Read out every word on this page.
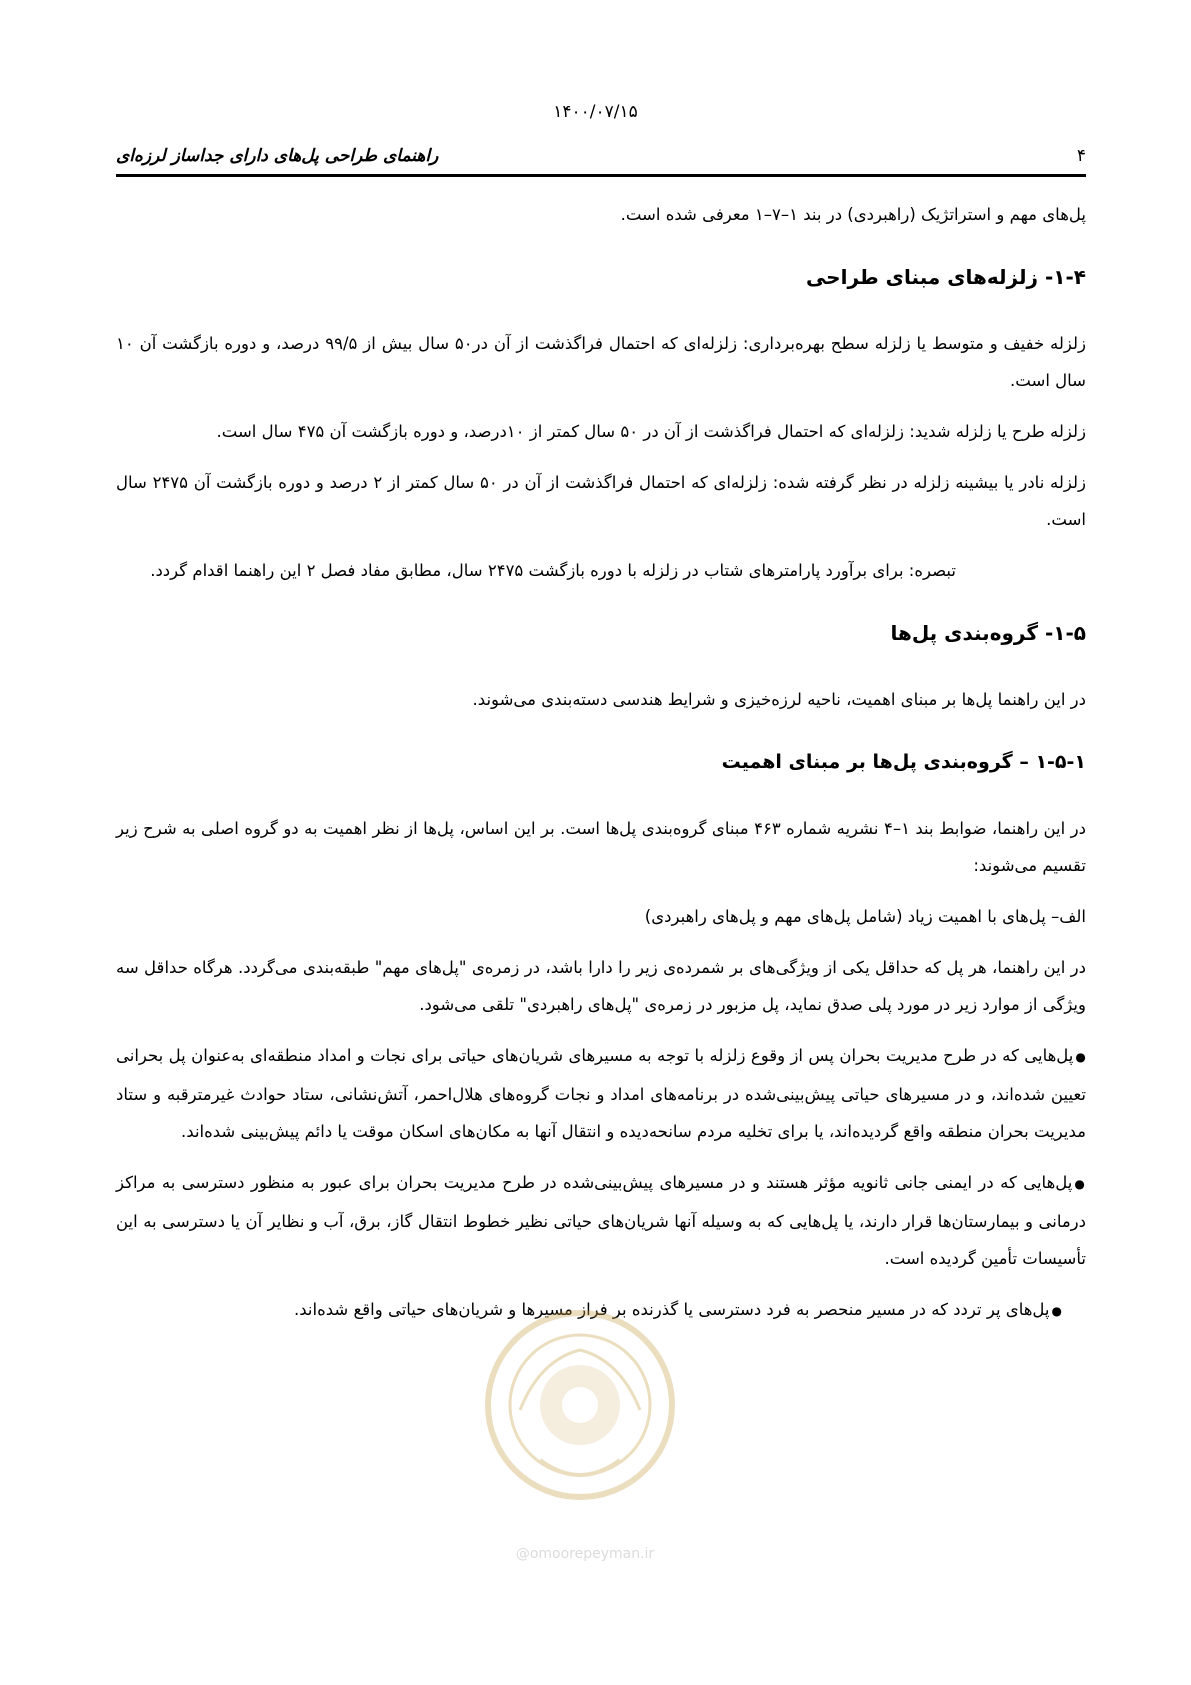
۱۴۰۰/۰۷/۱۵
۴
راهنمای طراحی پل‌های دارای جداساز لرزه‌ای

پل‌های مهم و استراتژیک (راهبردی) در بند ۱–۷–۱ معرفی شده است.

۱-۴- زلزله‌های مبنای طراحی

زلزله خفیف و متوسط یا زلزله سطح بهره‌برداری: زلزله‌ای که احتمال فراگذشت از آن در۵۰ سال بیش از ۹۹/۵ درصد، و دوره بازگشت آن ۱۰ سال است.

زلزله طرح یا زلزله شدید: زلزله‌ای که احتمال فراگذشت از آن در ۵۰ سال کمتر از ۱۰درصد، و دوره بازگشت آن ۴۷۵ سال است.

زلزله نادر یا بیشینه زلزله در نظر گرفته شده: زلزله‌ای که احتمال فراگذشت از آن در ۵۰ سال کمتر از ۲ درصد و دوره بازگشت آن ۲۴۷۵ سال است.

تبصره: برای برآورد پارامترهای شتاب در زلزله با دوره بازگشت ۲۴۷۵ سال، مطابق مفاد فصل ۲ این راهنما اقدام گردد.

۱-۵- گروه‌بندی پل‌ها

در این راهنما پل‌ها بر مبنای اهمیت، ناحیه لرزه‌خیزی و شرایط هندسی دسته‌بندی می‌شوند.

۱-۵-۱ – گروه‌بندی پل‌ها بر مبنای اهمیت

در این راهنما، ضوابط بند ۱–۴ نشریه شماره ۴۶۳ مبنای گروه‌بندی پل‌ها است. بر این اساس، پل‌ها از نظر اهمیت به دو گروه اصلی به شرح زیر تقسیم می‌شوند:

الف– پل‌های با اهمیت زیاد (شامل پل‌های مهم و پل‌های راهبردی)

در این راهنما، هر پل که حداقل یکی از ویژگی‌های بر شمرده‌ی زیر را دارا باشد، در زمره‌ی "پل‌های مهم" طبقه‌بندی می‌گردد. هرگاه حداقل سه ویژگی از موارد زیر در مورد پلی صدق نماید، پل مزبور در زمره‌ی "پل‌های راهبردی" تلقی می‌شود.

●پل‌هایی که در طرح مدیریت بحران پس از وقوع زلزله با توجه به مسیرهای شریان‌های حیاتی برای نجات و امداد منطقه‌ای به‌عنوان پل بحرانی تعیین شده‌اند، و در مسیرهای حیاتی پیش‌بینی‌شده در برنامه‌های امداد و نجات گروه‌های هلال‌احمر، آتش‌نشانی، ستاد حوادث غیرمترقبه و ستاد مدیریت بحران منطقه واقع گردیده‌اند، یا برای تخلیه مردم سانحه‌دیده و انتقال آنها به مکان‌های اسکان موقت یا دائم پیش‌بینی شده‌اند.
●پل‌هایی که در ایمنی جانی ثانویه مؤثر هستند و در مسیرهای پیش‌بینی‌شده در طرح مدیریت بحران برای عبور به منظور دسترسی به مراکز درمانی و بیمارستان‌ها قرار دارند، یا پل‌هایی که به وسیله آنها شریان‌های حیاتی نظیر خطوط انتقال گاز، برق، آب و نظایر آن یا دسترسی به این تأسیسات تأمین گردیده است.
●پل‌های پر تردد که در مسیر منحصر به فرد دسترسی یا گذرنده بر فراز مسیرها و شریان‌های حیاتی واقع شده‌اند.
@omoorepeyman.ir
